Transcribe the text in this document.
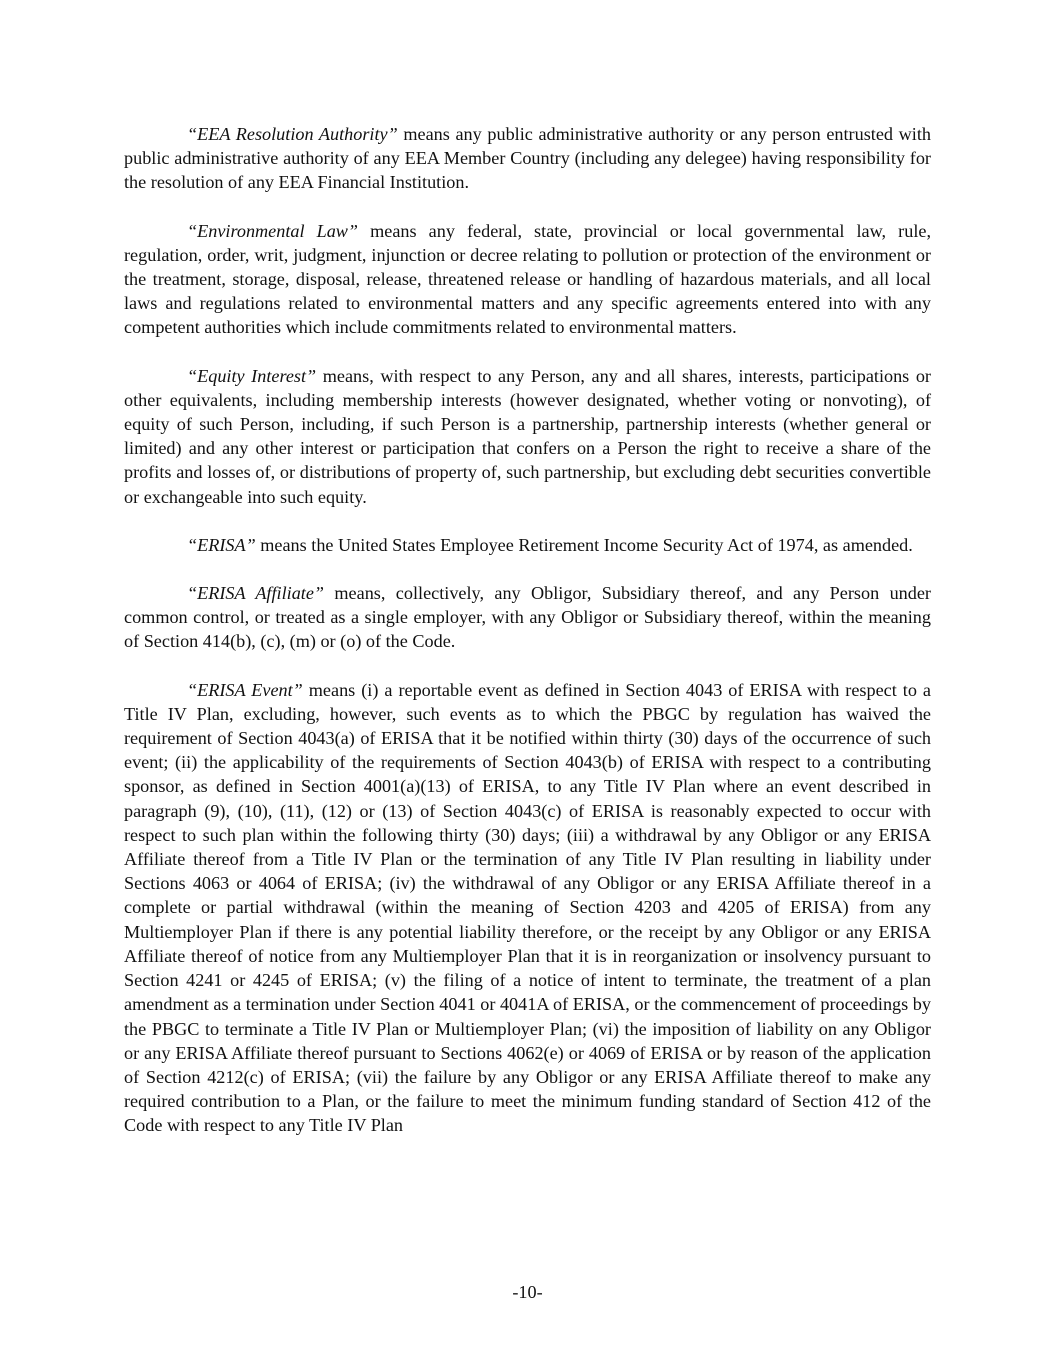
“EEA Resolution Authority” means any public administrative authority or any person entrusted with public administrative authority of any EEA Member Country (including any delegee) having responsibility for the resolution of any EEA Financial Institution.

“Environmental Law” means any federal, state, provincial or local governmental law, rule, regulation, order, writ, judgment, injunction or decree relating to pollution or protection of the environment or the treatment, storage, disposal, release, threatened release or handling of hazardous materials, and all local laws and regulations related to environmental matters and any specific agreements entered into with any competent authorities which include commitments related to environmental matters.

“Equity Interest” means, with respect to any Person, any and all shares, interests, participations or other equivalents, including membership interests (however designated, whether voting or nonvoting), of equity of such Person, including, if such Person is a partnership, partnership interests (whether general or limited) and any other interest or participation that confers on a Person the right to receive a share of the profits and losses of, or distributions of property of, such partnership, but excluding debt securities convertible or exchangeable into such equity.

“ERISA” means the United States Employee Retirement Income Security Act of 1974, as amended.

“ERISA Affiliate” means, collectively, any Obligor, Subsidiary thereof, and any Person under common control, or treated as a single employer, with any Obligor or Subsidiary thereof, within the meaning of Section 414(b), (c), (m) or (o) of the Code.

“ERISA Event” means (i) a reportable event as defined in Section 4043 of ERISA with respect to a Title IV Plan, excluding, however, such events as to which the PBGC by regulation has waived the requirement of Section 4043(a) of ERISA that it be notified within thirty (30) days of the occurrence of such event; (ii) the applicability of the requirements of Section 4043(b) of ERISA with respect to a contributing sponsor, as defined in Section 4001(a)(13) of ERISA, to any Title IV Plan where an event described in paragraph (9), (10), (11), (12) or (13) of Section 4043(c) of ERISA is reasonably expected to occur with respect to such plan within the following thirty (30) days; (iii) a withdrawal by any Obligor or any ERISA Affiliate thereof from a Title IV Plan or the termination of any Title IV Plan resulting in liability under Sections 4063 or 4064 of ERISA; (iv) the withdrawal of any Obligor or any ERISA Affiliate thereof in a complete or partial withdrawal (within the meaning of Section 4203 and 4205 of ERISA) from any Multiemployer Plan if there is any potential liability therefore, or the receipt by any Obligor or any ERISA Affiliate thereof of notice from any Multiemployer Plan that it is in reorganization or insolvency pursuant to Section 4241 or 4245 of ERISA; (v) the filing of a notice of intent to terminate, the treatment of a plan amendment as a termination under Section 4041 or 4041A of ERISA, or the commencement of proceedings by the PBGC to terminate a Title IV Plan or Multiemployer Plan; (vi) the imposition of liability on any Obligor or any ERISA Affiliate thereof pursuant to Sections 4062(e) or 4069 of ERISA or by reason of the application of Section 4212(c) of ERISA; (vii) the failure by any Obligor or any ERISA Affiliate thereof to make any required contribution to a Plan, or the failure to meet the minimum funding standard of Section 412 of the Code with respect to any Title IV Plan

-10-
